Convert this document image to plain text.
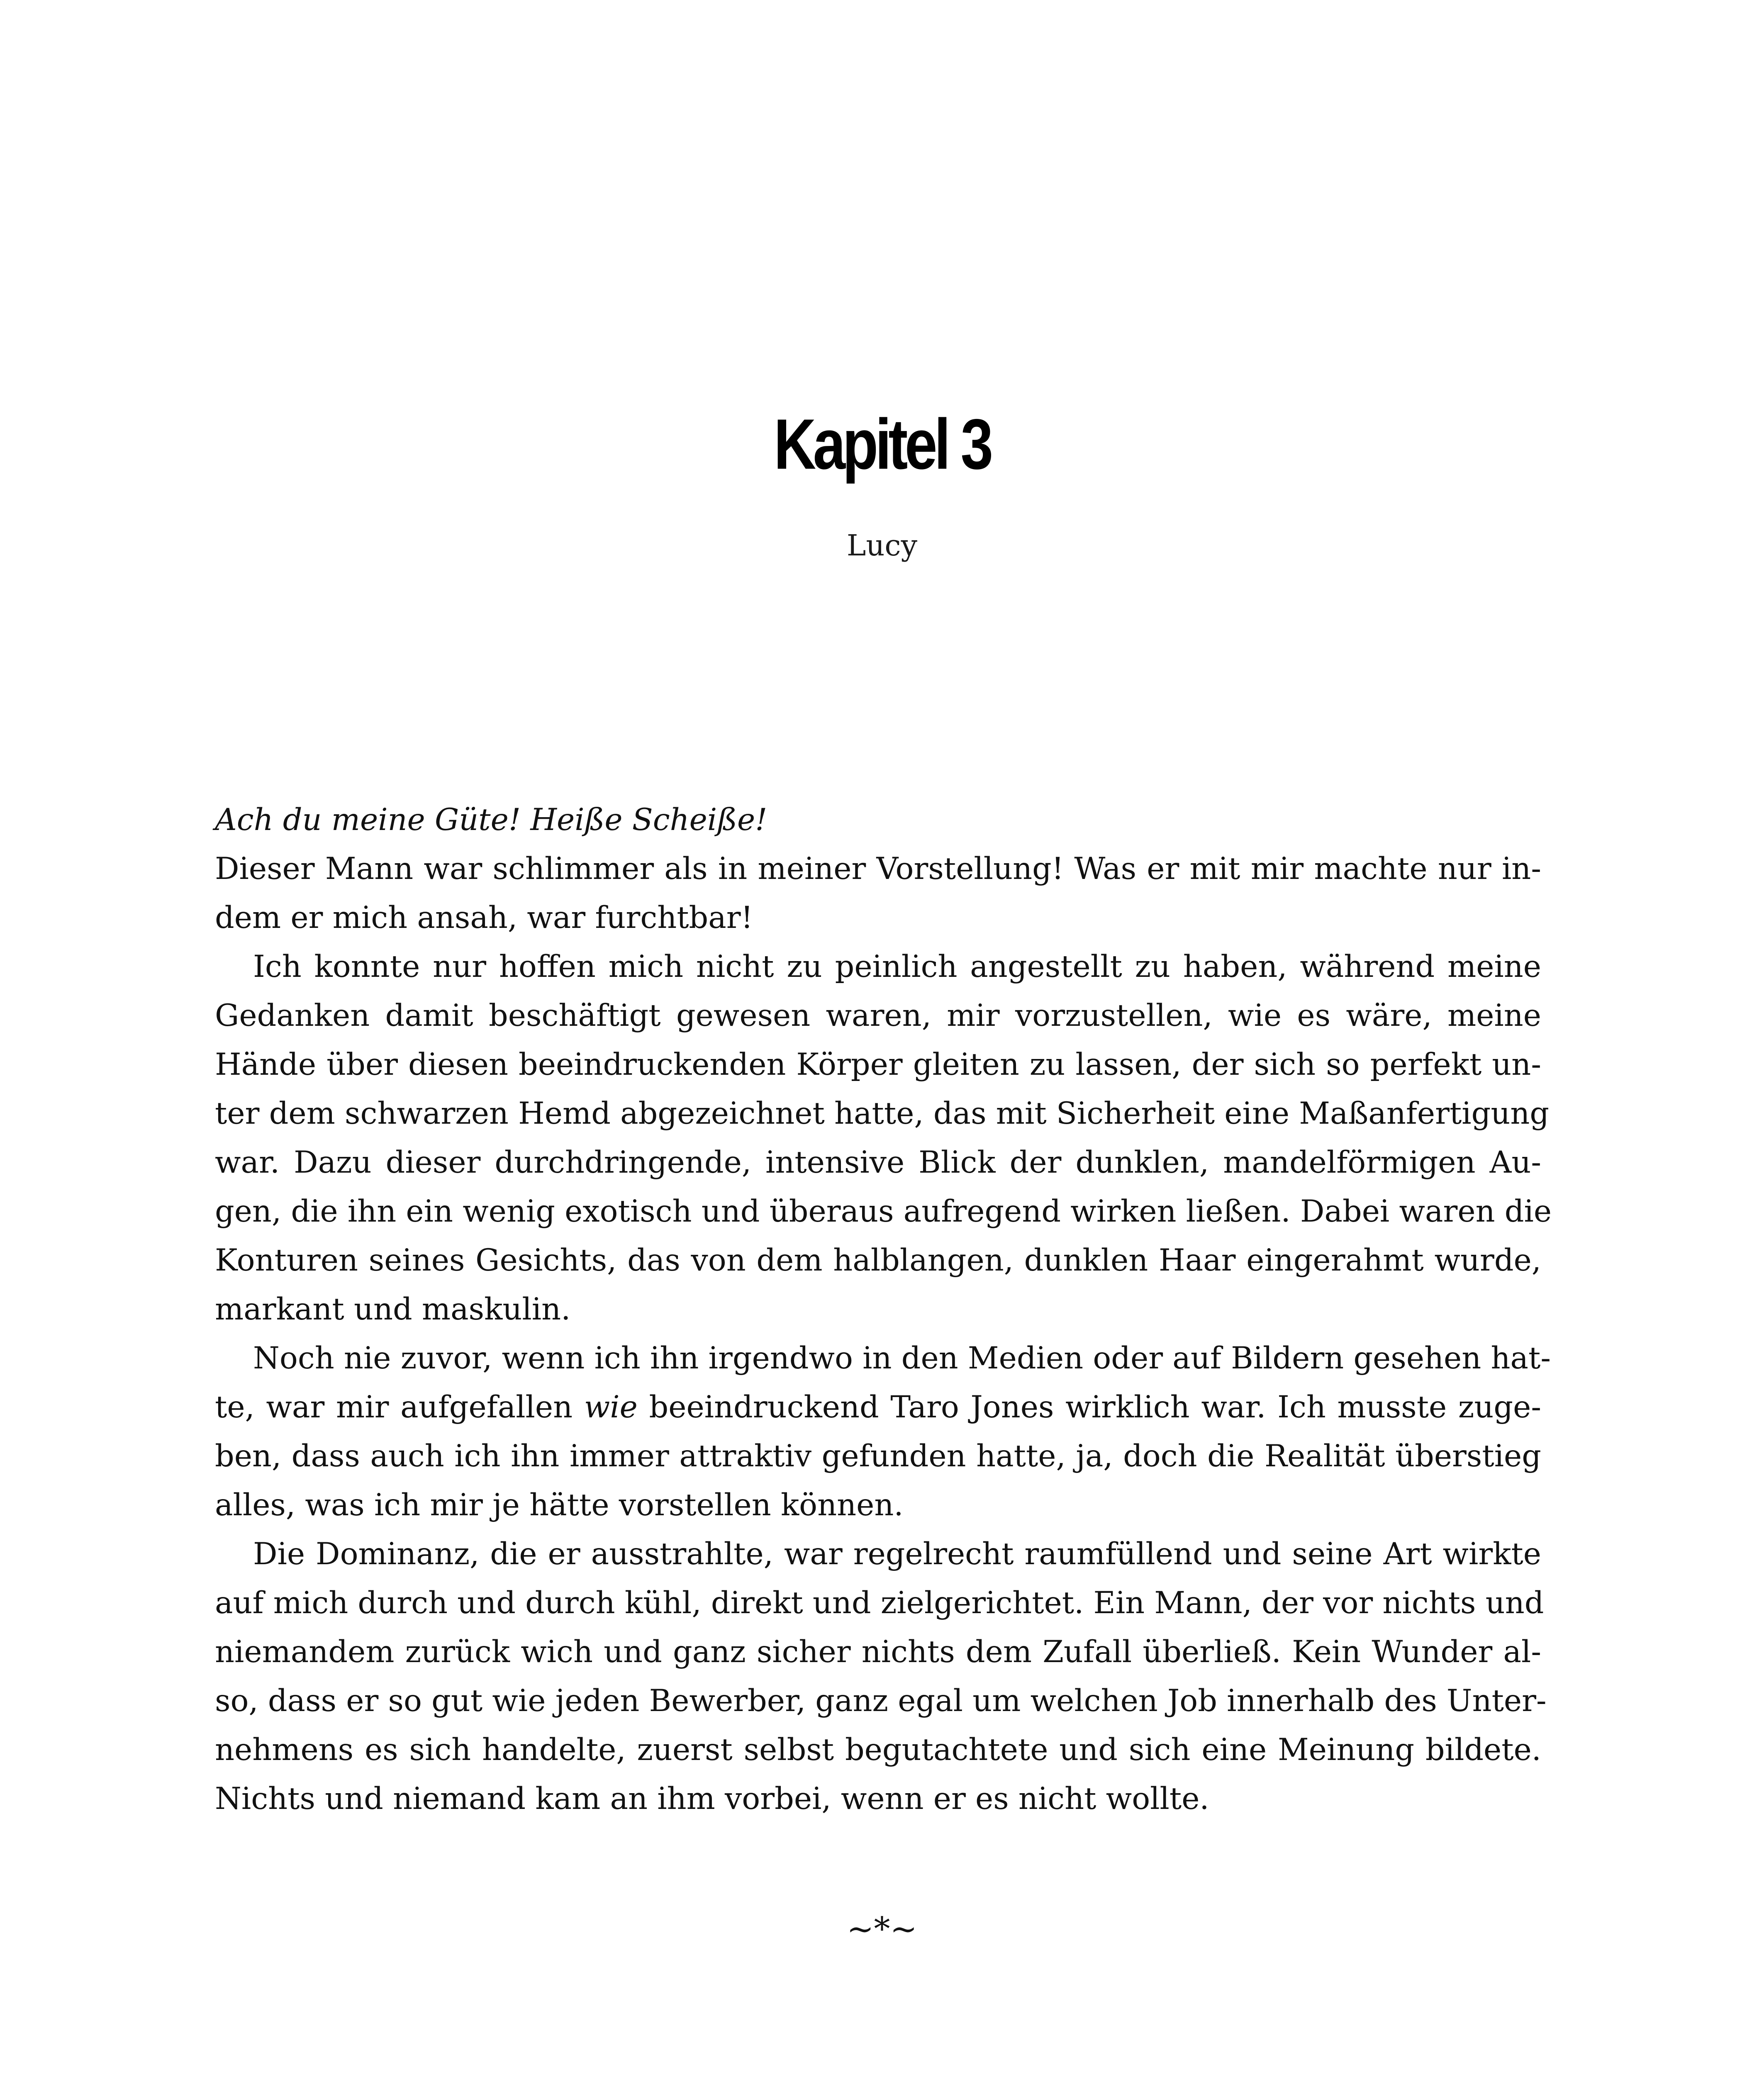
Kapitel 3
Lucy
Ach du meine Güte! Heiße Scheiße!
Dieser Mann war schlimmer als in meiner Vorstellung! Was er mit mir machte nur in-
dem er mich ansah, war furchtbar!
Ich konnte nur hoffen mich nicht zu peinlich angestellt zu haben, während meine
Gedanken damit beschäftigt gewesen waren, mir vorzustellen, wie es wäre, meine
Hände über diesen beeindruckenden Körper gleiten zu lassen, der sich so perfekt un-
ter dem schwarzen Hemd abgezeichnet hatte, das mit Sicherheit eine Maßanfertigung
war. Dazu dieser durchdringende, intensive Blick der dunklen, mandelförmigen Au-
gen, die ihn ein wenig exotisch und überaus aufregend wirken ließen. Dabei waren die
Konturen seines Gesichts, das von dem halblangen, dunklen Haar eingerahmt wurde,
markant und maskulin.
Noch nie zuvor, wenn ich ihn irgendwo in den Medien oder auf Bildern gesehen hat-
te, war mir aufgefallen wie beeindruckend Taro Jones wirklich war. Ich musste zuge-
ben, dass auch ich ihn immer attraktiv gefunden hatte, ja, doch die Realität überstieg
alles, was ich mir je hätte vorstellen können.
Die Dominanz, die er ausstrahlte, war regelrecht raumfüllend und seine Art wirkte
auf mich durch und durch kühl, direkt und zielgerichtet. Ein Mann, der vor nichts und
niemandem zurück wich und ganz sicher nichts dem Zufall überließ. Kein Wunder al-
so, dass er so gut wie jeden Bewerber, ganz egal um welchen Job innerhalb des Unter-
nehmens es sich handelte, zuerst selbst begutachtete und sich eine Meinung bildete.
Nichts und niemand kam an ihm vorbei, wenn er es nicht wollte.
~*~
